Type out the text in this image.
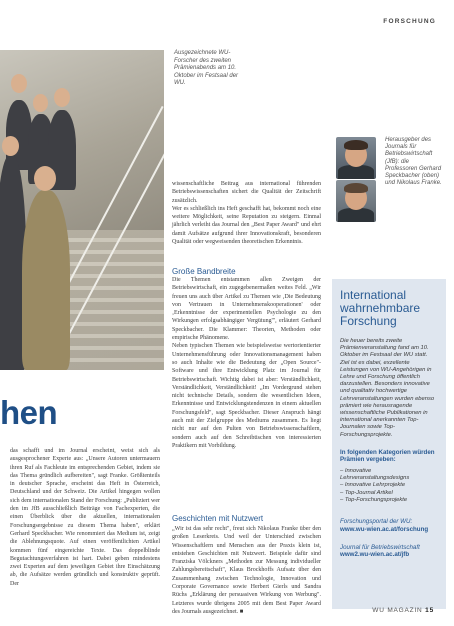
FORSCHUNG
Ausgezeichnete WU-Forscher des zweiten Prämienabends am 10. Oktober im Festsaal der WU.
hen

das schafft und im Journal erscheint, weist sich als ausgesprochener Experte aus: „Unsere Autoren untermauern ihren Ruf als Fachleute im entsprechenden Gebiet, indem sie das Thema gründlich aufbereiten", sagt Franke. Größtenteils in deutscher Sprache, erscheint das Heft in Österreich, Deutschland und der Schweiz. Die Artikel hingegen wollen sich dem internationalen Stand der Forschung: „Publiziert wer den im JfB ausschließlich Beiträge von Fachexperten, die einen Überblick über die aktuellen, internationalen Forschungsergebnisse zu diesem Thema haben", erklärt Gerhard Speckbacher. Wie renommiert das Medium ist, zeigt die Ablehnungsquote. Auf einen veröffentlichten Artikel kommen fünf eingereichte Texte. Das doppelblinde Begutachtungsverfahren ist hart. Dabei geben mindestens zwei Experten auf dem jeweiligen Gebiet ihre Einschätzung ab, die Aufsätze werden gründlich und konstruktiv geprüft. Der

wissenschaftliche Beitrag aus international führenden Betriebswissenschaften sichert die Qualität der Zeitschrift zusätzlich.

Wer es schließlich ins Heft geschafft hat, bekommt noch eine weitere Möglichkeit, seine Reputation zu steigern. Einmal jährlich verleiht das Journal den „Best Paper Award" und ehrt damit Aufsätze aufgrund ihrer Innovationskraft, besonderen Qualität oder wegweisenden theoretischen Erkenntnis.

Große Bandbreite

Die Themen entstammen allen Zweigen der Betriebswirtschaft, ein zugegebenermaßen weites Feld. „Wir freuen uns auch über Artikel zu Themen wie ‚Die Bedeutung von Vertrauen in Unternehmenskooperationen' oder ‚Erkenntnisse der experimentellen Psychologie zu den Wirkungen erfolgsabhängiger Vergütung'", erläutert Gerhard Speckbacher. Die Klammer: Theorien, Methoden oder empirische Phänomene.

Neben typischen Themen wie beispielsweise wertorientierter Unternehmensführung oder Innovationsmanagement haben so auch Inhalte wie die Bedeutung der „Open Source"-Software und ihre Entwicklung Platz im Journal für Betriebswirtschaft. Wichtig dabei ist aber: Verständlichkeit, Verständlichkeit, Verständlichkeit! „Im Vordergrund stehen nicht technische Details, sondern die wesentlichen Ideen, Erkenntnisse und Entwicklungstendenzen in einem aktuellen Forschungsfeld", sagt Speckbacher. Dieser Anspruch hängt auch mit der Zielgruppe des Mediums zusammen. Es liegt nicht nur auf den Pulten von Betriebswissenschaftlern, sondern auch auf den Schreibtischen von interessierten Praktikern mit Vorbildung.

Geschichten mit Nutzwert

„Wir ist das sehr recht", freut sich Nikolaus Franke über den großen Leserkreis. Und weil der Unterschied zwischen Wissenschaftlern und Menschen aus der Praxis klein ist, entstehen Geschichten mit Nutzwert. Beispiele dafür sind Franziska Völckners „Methoden zur Messung individueller Zahlungsbereitschaft", Klaus Brockhoffs Aufsatz über den Zusammenhang zwischen Technologie, Innovation und Corporate Governance sowie Herbert Gierls und Sandra Rüchs „Erklärung der persuasiven Wirkung von Werbung". Letzteres wurde übrigens 2005 mit dem Best Paper Award des Journals ausgezeichnet. ■

Herausgeber des Journals für Betriebswirtschaft (JfB): die Professoren Gerhard Speckbacher (oben) und Nikolaus Franke.
International wahrnehmbare Forschung
Die heuer bereits zweite Prämienveranstaltung fand am 10. Oktober im Festsaal der WU statt. Ziel ist es dabei, exzellente Leistungen von WU-Angehörigen in Lehre und Forschung öffentlich darzustellen. Besonders innovative und qualitativ hochwertige Lehrveranstaltungen wurden ebenso prämiert wie herausragende wissenschaftliche Publikationen in international anerkannten Top-Journalen sowie Top-Forschungsprojekte.
In folgenden Kategorien würden Prämien vergeben:
– Innovative Lehrveranstaltungsdesigns
– Innovative Lehrprojekte
– Top-Journal Artikel
– Top-Forschungsprojekte
Forschungsportal der WU:
www.wu-wien.ac.at/forschung
Journal für Betriebswirtschaft
www2.wu-wien.ac.at/jfb
WU MAGAZIN 15
